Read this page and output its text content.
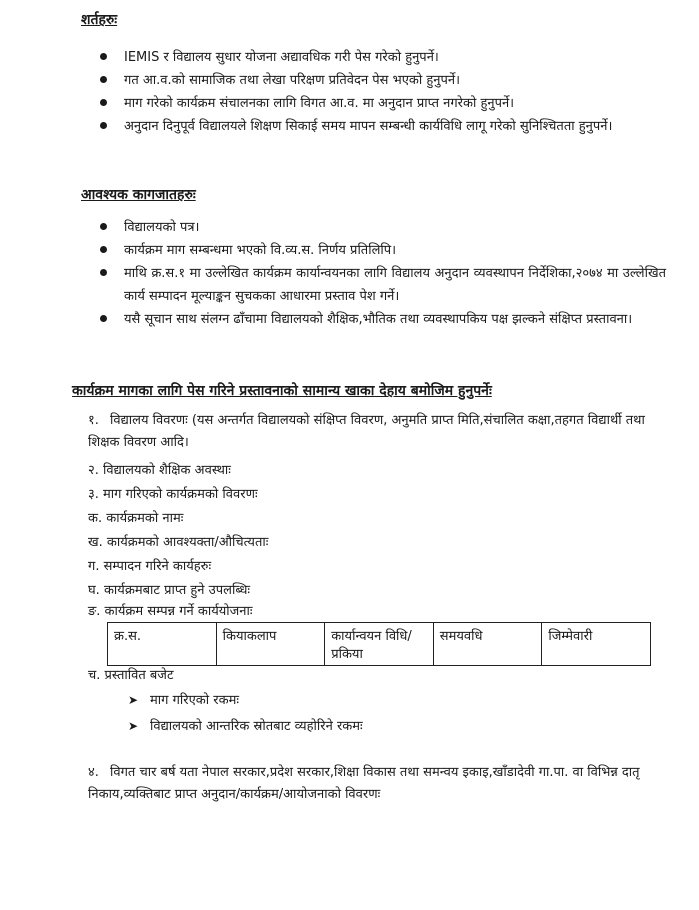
शर्तहरुः
IEMIS र विद्यालय सुधार योजना अद्यावधिक गरी पेस गरेको हुनुपर्ने।
गत आ.व.को सामाजिक तथा लेखा परिक्षण प्रतिवेदन पेस भएको हुनुपर्ने।
माग गरेको कार्यक्रम संचालनका लागि विगत आ.व. मा अनुदान प्राप्त नगरेको हुनुपर्ने।
अनुदान दिनुपूर्व विद्यालयले शिक्षण सिकाई समय मापन सम्बन्धी कार्यविधि लागू गरेको सुनिश्चितता हुनुपर्ने।
आवश्यक कागजातहरुः
विद्यालयको पत्र।
कार्यक्रम माग सम्बन्धमा भएको वि.व्य.स. निर्णय प्रतिलिपि।
माथि क्र.स.१ मा उल्लेखित कार्यक्रम कार्यान्वयनका लागि विद्यालय अनुदान व्यवस्थापन निर्देशिका,२०७४ मा उल्लेखित कार्य सम्पादन मूल्याङ्कन सुचकका आधारमा प्रस्ताव पेश गर्ने।
यसै सूचान साथ संलग्न ढाँचामा विद्यालयको शैक्षिक,भौतिक तथा व्यवस्थापकिय पक्ष झल्कने संक्षिप्त प्रस्तावना।
कार्यक्रम मागका लागि पेस गरिने प्रस्तावनाको सामान्य खाका देहाय बमोजिम हुनुपर्नेः
१. विद्यालय विवरणः (यस अन्तर्गत विद्यालयको संक्षिप्त विवरण, अनुमति प्राप्त मिति,संचालित कक्षा,तहगत विद्यार्थी तथा शिक्षक विवरण आदि।
२. विद्यालयको शैक्षिक अवस्थाः
३. माग गरिएको कार्यक्रमको विवरणः
क. कार्यक्रमको नामः
ख. कार्यक्रमको आवश्यक्ता/औचित्यताः
ग. सम्पादन गरिने कार्यहरुः
घ. कार्यक्रमबाट प्राप्त हुने उपलब्धिः
ङ. कार्यक्रम सम्पन्न गर्ने कार्ययोजनाः
क्र.स.	कियाकलाप	कार्यान्वयन विधि/प्रकिया	समयवधि	जिम्मेवारी
च. प्रस्तावित बजेट
➤ माग गरिएको रकमः
➤ विद्यालयको आन्तरिक स्रोतबाट व्यहोरिने रकमः
४. विगत चार बर्ष यता नेपाल सरकार,प्रदेश सरकार,शिक्षा विकास तथा समन्वय इकाइ,खाँडादेवी गा.पा. वा विभिन्न दातृ निकाय,व्यक्तिबाट प्राप्त अनुदान/कार्यक्रम/आयोजनाको विवरणः
